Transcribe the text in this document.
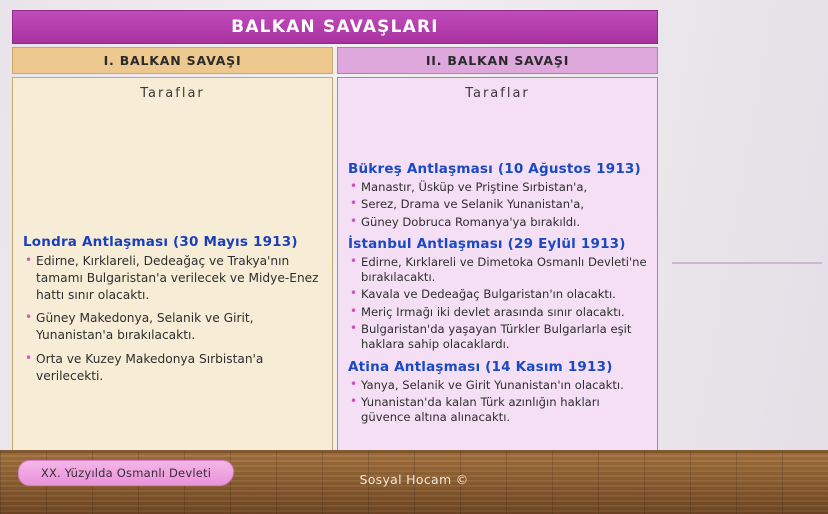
BALKAN SAVAŞLARI
I. BALKAN SAVAŞI	II. BALKAN SAVAŞI
Taraflar
Londra Antlaşması (30 Mayıs 1913)
• Edirne, Kırklareli, Dedeağaç ve Trakya'nın tamamı Bulgaristan'a verilecek ve Midye-Enez hattı sınır olacaktı.
• Güney Makedonya, Selanik ve Girit, Yunanistan'a bırakılacaktı.
• Orta ve Kuzey Makedonya Sırbistan'a verilecekti.
Taraflar
Bükreş Antlaşması (10 Ağustos 1913)
• Manastır, Üsküp ve Priştine Sırbistan'a,
• Serez, Drama ve Selanik Yunanistan'a,
• Güney Dobruca Romanya'ya bırakıldı.
İstanbul Antlaşması (29 Eylül 1913)
• Edirne, Kırklareli ve Dimetoka Osmanlı Devleti'ne bırakılacaktı.
• Kavala ve Dedeağaç Bulgaristan'ın olacaktı.
• Meriç Irmağı iki devlet arasında sınır olacaktı.
• Bulgaristan'da yaşayan Türkler Bulgarlarla eşit haklara sahip olacaklardı.
Atina Antlaşması (14 Kasım 1913)
• Yanya, Selanik ve Girit Yunanistan'ın olacaktı.
• Yunanistan'da kalan Türk azınlığın hakları güvence altına alınacaktı.
XX. Yüzyılda Osmanlı Devleti	Sosyal Hocam ©
